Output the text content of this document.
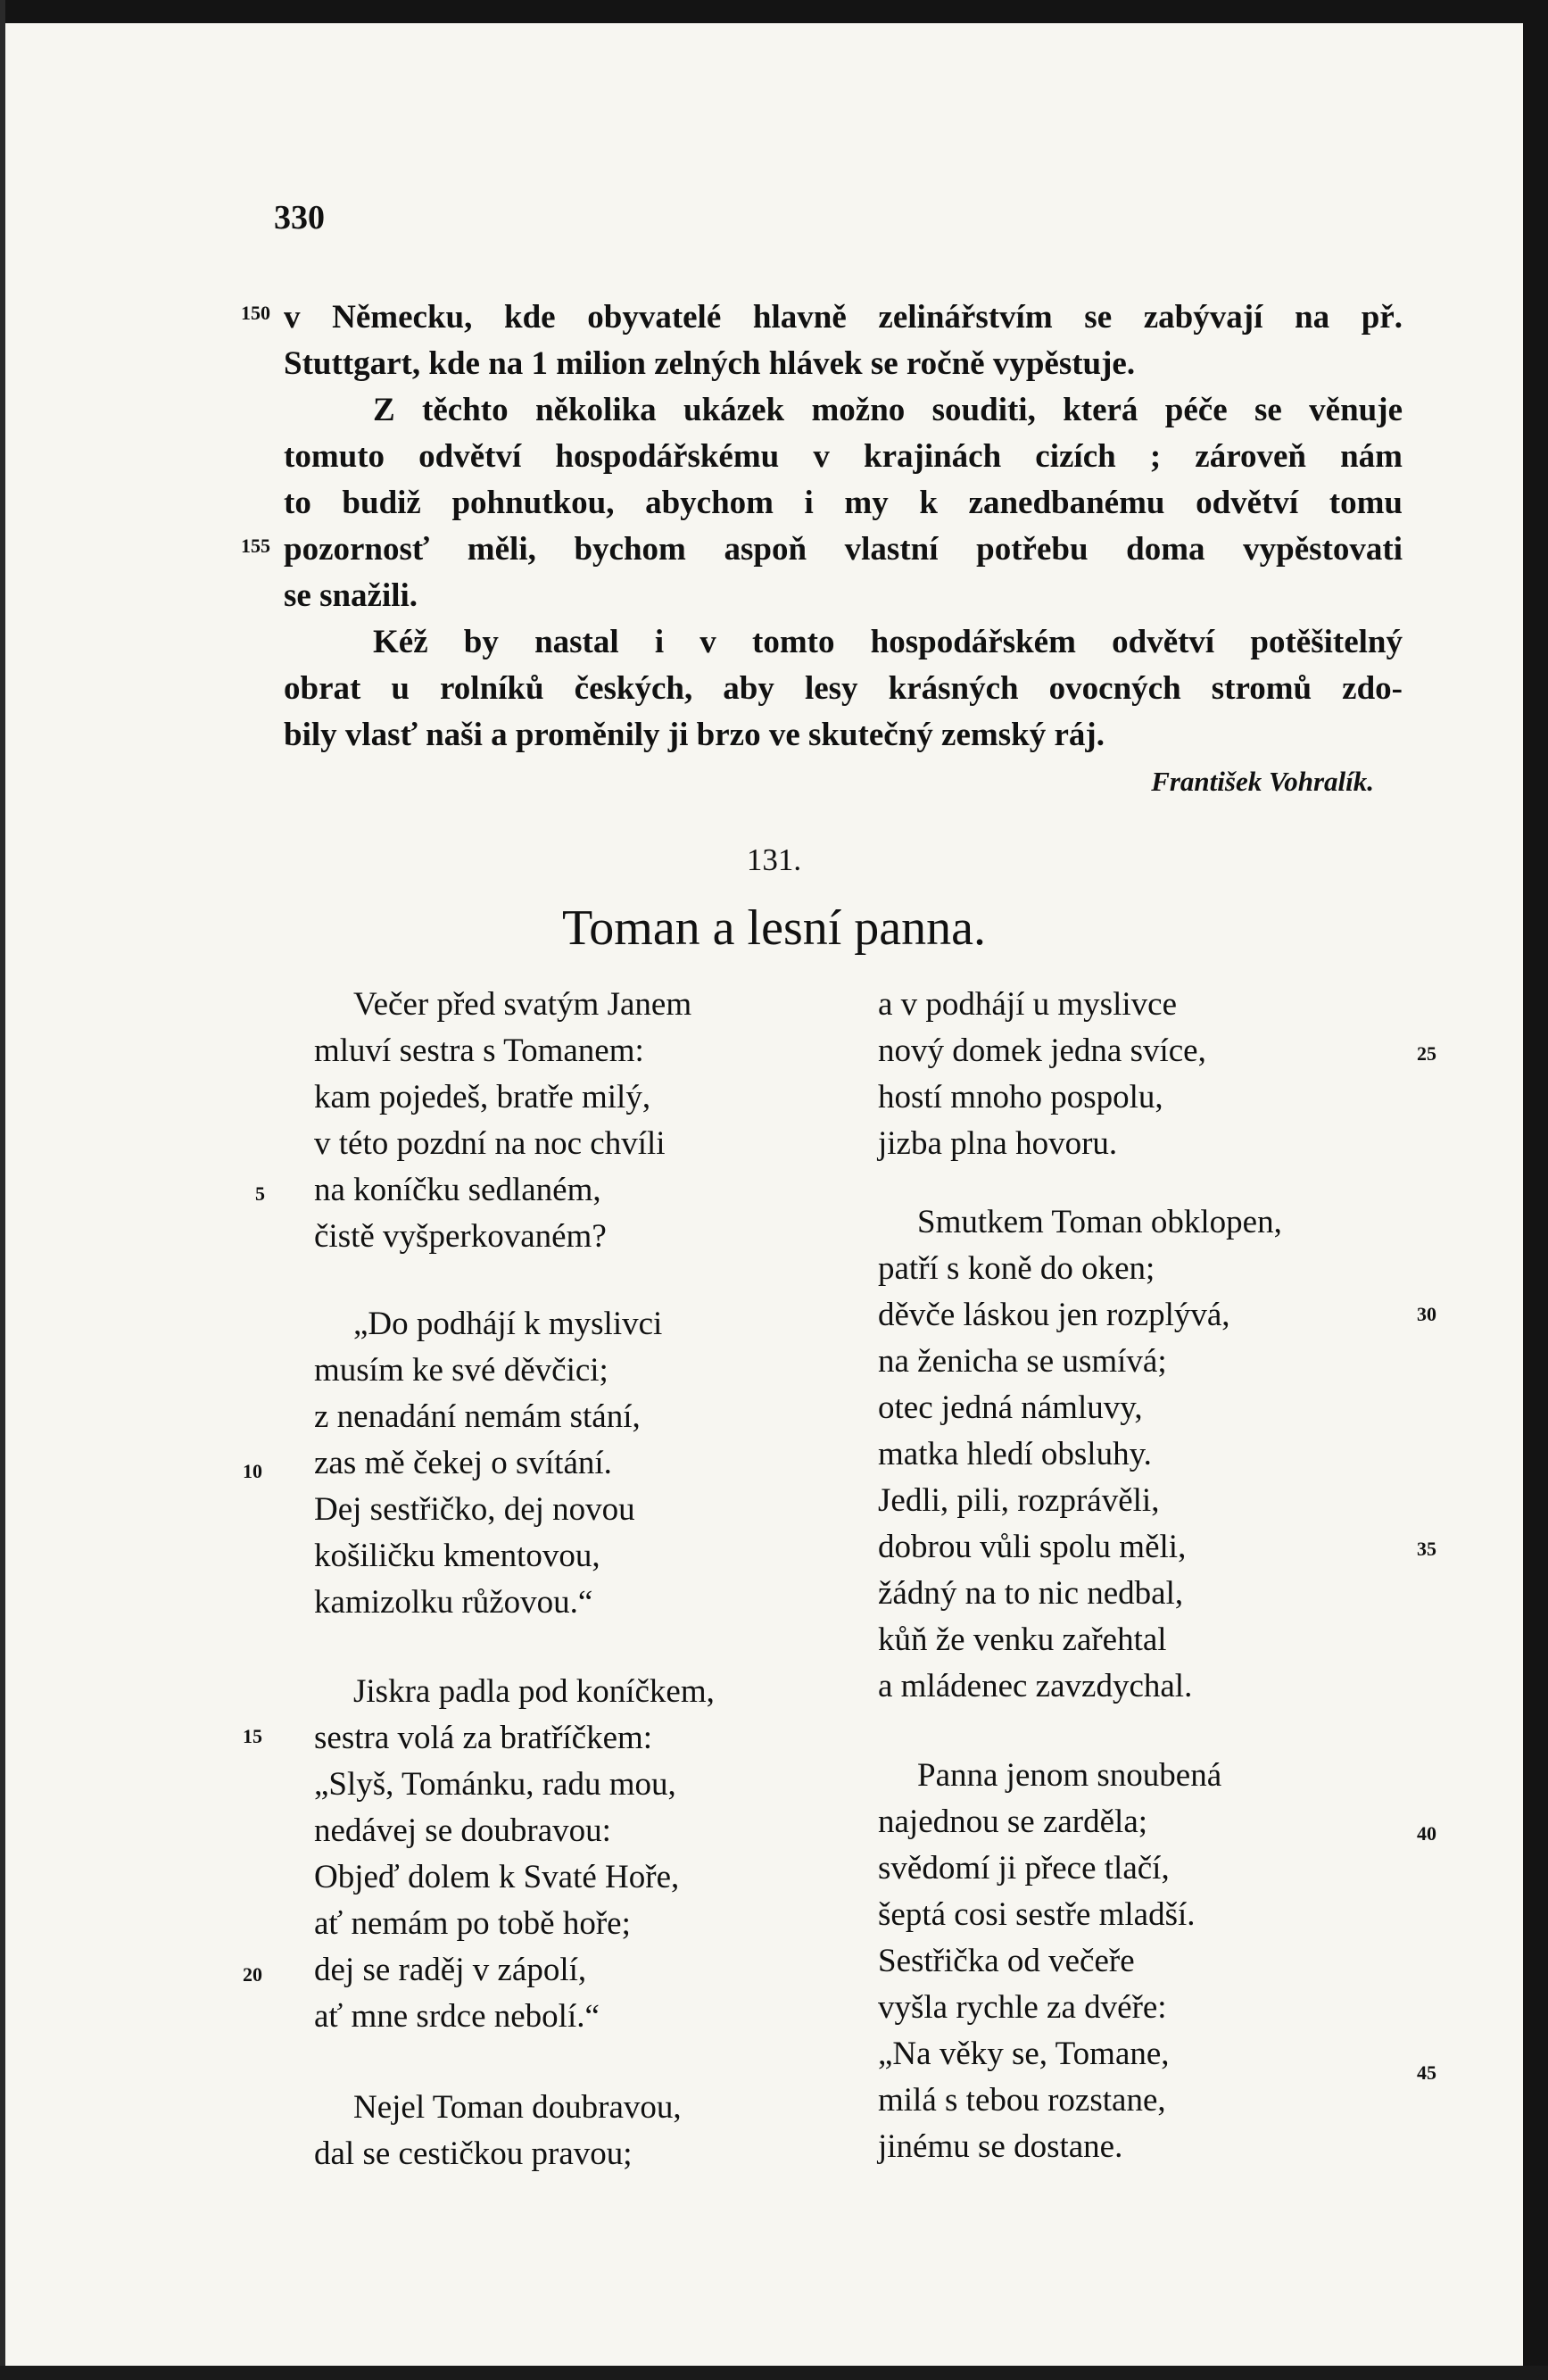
330
150
155
v Německu, kde obyvatelé hlavně zelinářstvím se zabývají na př.
Stuttgart, kde na 1 milion zelných hlávek se ročně vypěstuje.
Z těchto několika ukázek možno souditi, která péče se věnuje
tomuto odvětví hospodářskému v krajinách cizích ; zároveň nám
to budiž pohnutkou, abychom i my k zanedbanému odvětví tomu
pozornosť měli, bychom aspoň vlastní potřebu doma vypěstovati
se snažili.
Kéž by nastal i v tomto hospodářském odvětví potěšitelný
obrat u rolníků českých, aby lesy krásných ovocných stromů zdo-
bily vlasť naši a proměnily ji brzo ve skutečný zemský ráj.
František Vohralík.
131.
Toman a lesní panna.
Večer před svatým Janem
mluví sestra s Tomanem:
kam pojedeš, bratře milý,
v této pozdní na noc chvíli
na koníčku sedlaném,
čistě vyšperkovaném?
„Do podhájí k myslivci
musím ke své děvčici;
z nenadání nemám stání,
zas mě čekej o svítání.
Dej sestřičko, dej novou
košiličku kmentovou,
kamizolku růžovou.“
Jiskra padla pod koníčkem,
sestra volá za bratříčkem:
„Slyš, Tománku, radu mou,
nedávej se doubravou:
Objeď dolem k Svaté Hoře,
ať nemám po tobě hoře;
dej se raděj v zápolí,
ať mne srdce nebolí.“
Nejel Toman doubravou,
dal se cestičkou pravou;
a v podhájí u myslivce
nový domek jedna svíce,
hostí mnoho pospolu,
jizba plna hovoru.
Smutkem Toman obklopen,
patří s koně do oken;
děvče láskou jen rozplývá,
na ženicha se usmívá;
otec jedná námluvy,
matka hledí obsluhy.
Jedli, pili, rozprávěli,
dobrou vůli spolu měli,
žádný na to nic nedbal,
kůň že venku zařehtal
a mládenec zavzdychal.
Panna jenom snoubená
najednou se zarděla;
svědomí ji přece tlačí,
šeptá cosi sestře mladší.
Sestřička od večeře
vyšla rychle za dvéře:
„Na věky se, Tomane,
milá s tebou rozstane,
jinému se dostane.
5
10
15
20
25
30
35
40
45
